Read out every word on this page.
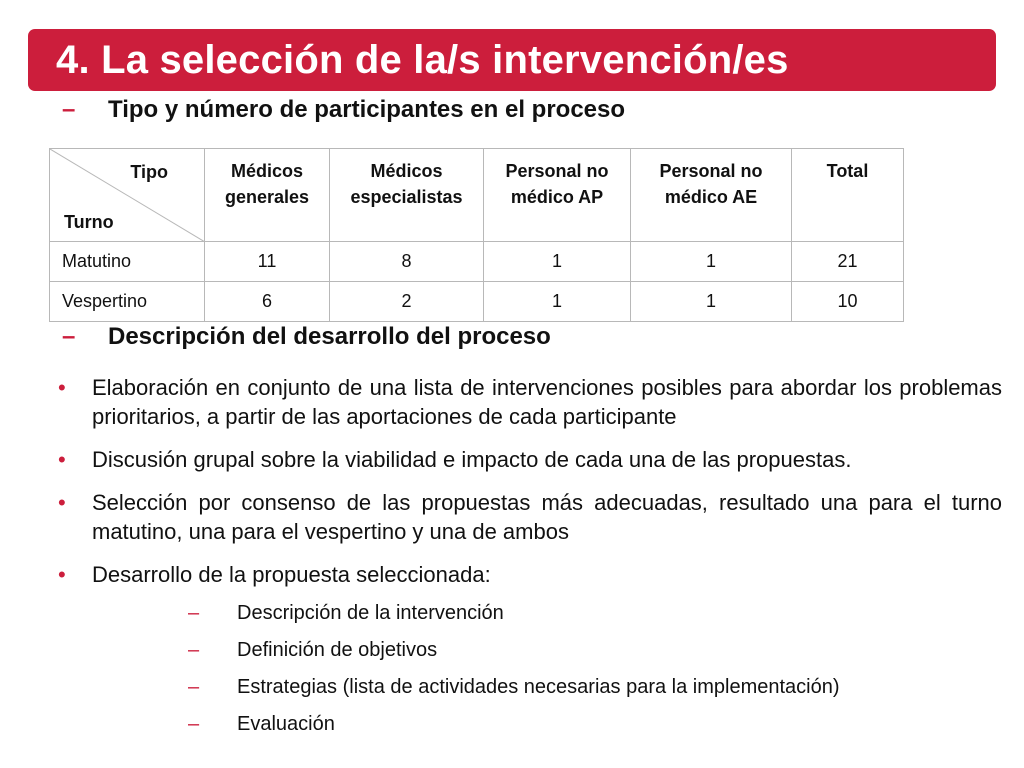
4. La selección de la/s intervención/es
–	Tipo y número de participantes en el proceso
Tipo
Turno	Médicos generales	Médicos especialistas	Personal no médico AP	Personal no médico AE	Total
Matutino	11	8	1	1	21
Vespertino	6	2	1	1	10
–	Descripción del desarrollo del proceso
• Elaboración en conjunto de una lista de intervenciones posibles para abordar los problemas prioritarios, a partir de las aportaciones de cada participante
• Discusión grupal sobre la viabilidad e impacto de cada una de las propuestas.
• Selección por consenso de las propuestas más adecuadas, resultado una para el turno matutino, una para el vespertino y una de ambos
• Desarrollo de la propuesta seleccionada:
– Descripción de la intervención
– Definición de objetivos
– Estrategias (lista de actividades necesarias para la implementación)
– Evaluación
